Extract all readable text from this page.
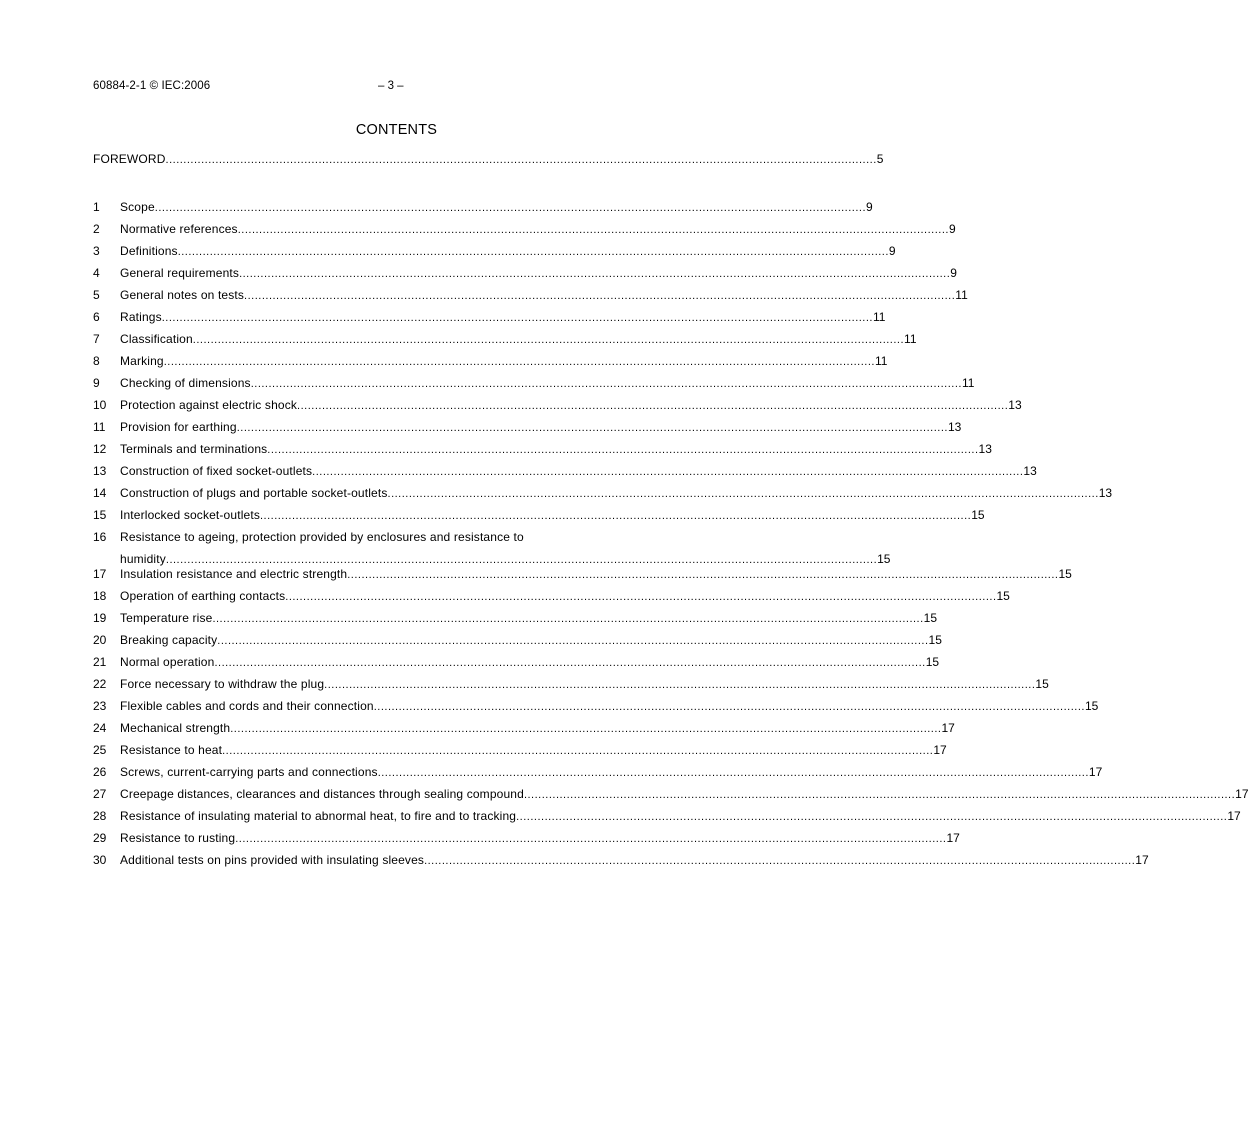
60884-2-1 © IEC:2006	– 3 –
CONTENTS
FOREWORD ........................................................................................................................................................................................................ 5
1	Scope ........................................................................................................................................................................................................ 9
2	Normative references ........................................................................................................................................................................................................ 9
3	Definitions ........................................................................................................................................................................................................ 9
4	General requirements ........................................................................................................................................................................................................ 9
5	General notes on tests ........................................................................................................................................................................................................ 11
6	Ratings ........................................................................................................................................................................................................ 11
7	Classification ........................................................................................................................................................................................................ 11
8	Marking ........................................................................................................................................................................................................ 11
9	Checking of dimensions ........................................................................................................................................................................................................ 11
10	Protection against electric shock ........................................................................................................................................................................................................ 13
11	Provision for earthing ........................................................................................................................................................................................................ 13
12	Terminals and terminations ........................................................................................................................................................................................................ 13
13	Construction of fixed socket-outlets ........................................................................................................................................................................................................ 13
14	Construction of plugs and portable socket-outlets ........................................................................................................................................................................................................ 13
15	Interlocked socket-outlets ........................................................................................................................................................................................................ 15
16	Resistance to ageing, protection provided by enclosures and resistance to
humidity ........................................................................................................................................................................................................ 15
17	Insulation resistance and electric strength ........................................................................................................................................................................................................ 15
18	Operation of earthing contacts ........................................................................................................................................................................................................ 15
19	Temperature rise ........................................................................................................................................................................................................ 15
20	Breaking capacity ........................................................................................................................................................................................................ 15
21	Normal operation ........................................................................................................................................................................................................ 15
22	Force necessary to withdraw the plug ........................................................................................................................................................................................................ 15
23	Flexible cables and cords and their connection ........................................................................................................................................................................................................ 15
24	Mechanical strength ........................................................................................................................................................................................................ 17
25	Resistance to heat ........................................................................................................................................................................................................ 17
26	Screws, current-carrying parts and connections ........................................................................................................................................................................................................ 17
27	Creepage distances, clearances and distances through sealing compound ........................................................................................................................................................................................................ 17
28	Resistance of insulating material to abnormal heat, to fire and to tracking ........................................................................................................................................................................................................ 17
29	Resistance to rusting ........................................................................................................................................................................................................ 17
30	Additional tests on pins provided with insulating sleeves ........................................................................................................................................................................................................ 17
